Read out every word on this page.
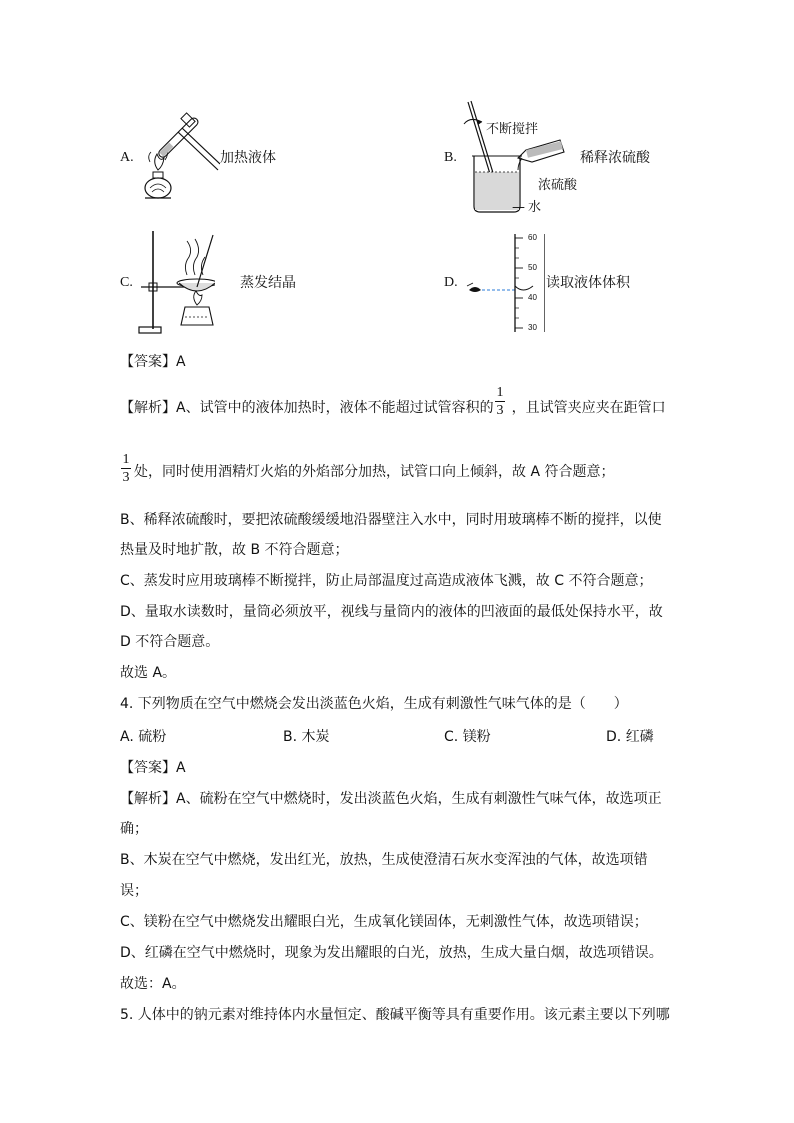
A.	加热液体	B.
不断搅拌
稀释浓硫酸
浓硫酸
— 水
C.	蒸发结晶	D.
60
50
40
30
读取液体体积
【答案】A
【解析】A、试管中的液体加热时，液体不能超过试管容积的 ，且试管夹应夹在距管口
1
3
1
3 处，同时使用酒精灯火焰的外焰部分加热，试管口向上倾斜，故 A 符合题意；
B、稀释浓硫酸时，要把浓硫酸缓缓地沿器壁注入水中，同时用玻璃棒不断的搅拌，以使
热量及时地扩散，故 B 不符合题意；
C、蒸发时应用玻璃棒不断搅拌，防止局部温度过高造成液体飞溅，故 C 不符合题意；
D、量取水读数时，量筒必须放平，视线与量筒内的液体的凹液面的最低处保持水平，故
D 不符合题意。
故选 A。
4. 下列物质在空气中燃烧会发出淡蓝色火焰，生成有刺激性气味气体的是（　　）
A. 硫粉	B. 木炭	C. 镁粉	D. 红磷
【答案】A
【解析】A、硫粉在空气中燃烧时，发出淡蓝色火焰，生成有刺激性气味气体，故选项正
确；
B、木炭在空气中燃烧，发出红光，放热，生成使澄清石灰水变浑浊的气体，故选项错
误；
C、镁粉在空气中燃烧发出耀眼白光，生成氧化镁固体，无刺激性气体，故选项错误；
D、红磷在空气中燃烧时，现象为发出耀眼的白光，放热，生成大量白烟，故选项错误。
故选：A。
5. 人体中的钠元素对维持体内水量恒定、酸碱平衡等具有重要作用。该元素主要以下列哪
